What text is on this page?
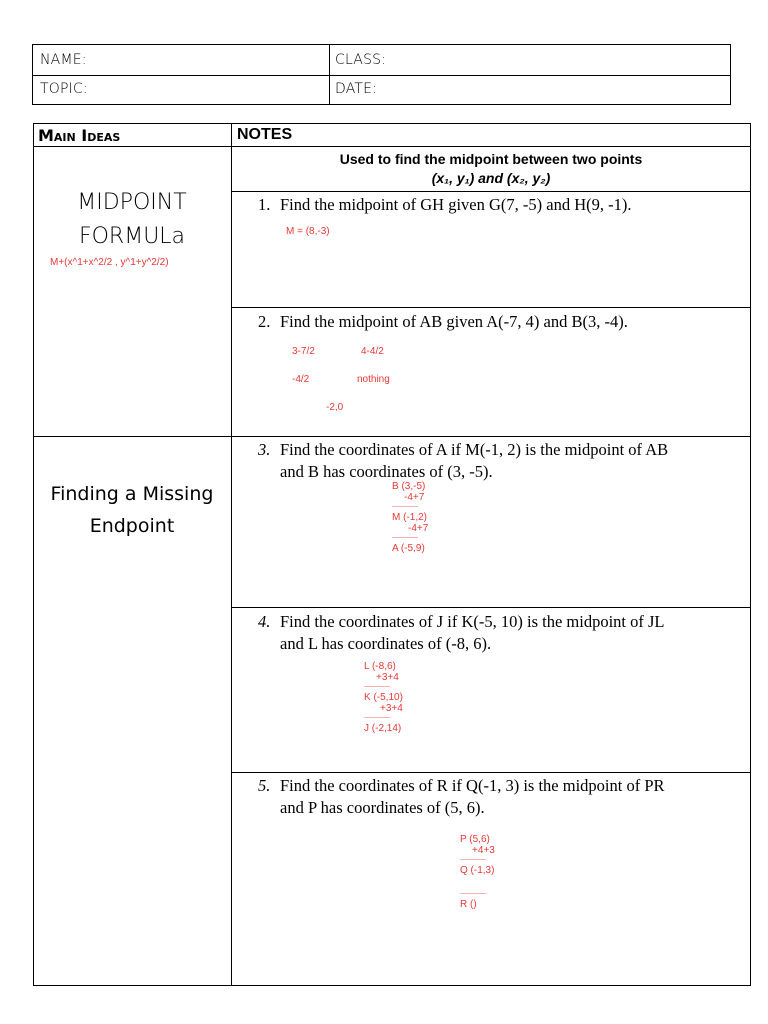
NAME:	CLASS:
TOPIC:	DATE:
Main Ideas	NOTES
Used to find the midpoint between two points
(x₁, y₁) and (x₂, y₂)
MIDPOINT
FORMULa
M+(x^1+x^2/2 , y^1+y^2/2)
1. Find the midpoint of GH given G(7, -5) and H(9, -1).
M = (8,-3)
2. Find the midpoint of AB given A(-7, 4) and B(3, -4).
3-7/2	4-4/2
-4/2	nothing
-2,0
Finding a Missing
Endpoint
3. Find the coordinates of A if M(-1, 2) is the midpoint of AB
and B has coordinates of (3, -5).
B (3,-5)
-4+7
-------------
M (-1,2)
-4+7
-------------
A (-5,9)
4. Find the coordinates of J if K(-5, 10) is the midpoint of JL
and L has coordinates of (-8, 6).
L (-8,6)
+3+4
-------------
K (-5,10)
+3+4
-------------
J (-2,14)
5. Find the coordinates of R if Q(-1, 3) is the midpoint of PR
and P has coordinates of (5, 6).
P (5,6)
+4+3
-------------
Q (-1,3)
-------------
R ()
